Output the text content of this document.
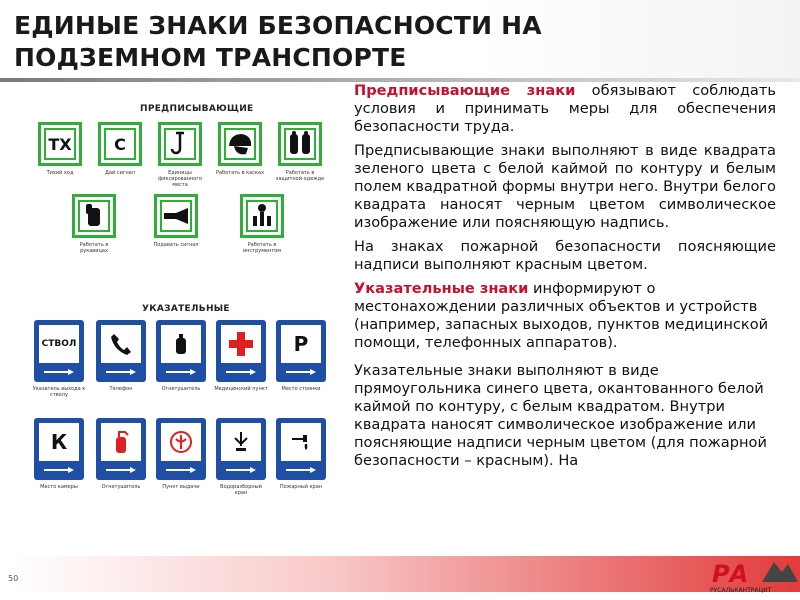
ЕДИНЫЕ ЗНАКИ БЕЗОПАСНОСТИ НА ПОДЗЕМНОМ ТРАНСПОРТЕ
ПРЕДПИСЫВАЮЩИЕ
ТХ
Тихий ход
С
Дай сигнал	Единицы фиксированного места
Работать в касках	Работать в защитной одежде
Работать в рукавицах
Подавать сигнал	Работать в инструментом
УКАЗАТЕЛЬНЫЕ
СТВОЛ
Указатель выхода к стволу
Телефон	Огнетушитель	Медицинский пункт
P
Место стоянки
К
Место камеры	Огнетушитель	Пункт выдачи	Водоразборный кран
Пожарный кран

Предписывающие знаки обязывают соблюдать условия и принимать меры для обеспечения безопасности труда.

Предписывающие знаки выполняют в виде квадрата зеленого цвета с белой каймой по контуру и белым полем квадратной формы внутри него. Внутри белого квадрата наносят черным цветом символическое изображение или поясняющую надпись.

На знаках пожарной безопасности поясняющие надписи выполняют красным цветом.

Указательные знаки информируют о местонахождении различных объектов и устройств (например, запасных выходов, пунктов медицинской помощи, телефонных аппаратов).

Указательные знаки выполняют в виде прямоугольника синего цвета, окантованного белой каймой по контуру, с белым квадратом. Внутри квадрата наносят символическое изображение или поясняющие надписи черным цветом (для пожарной безопасности – красным). На

50	РА
РУСАЛЬКАНТРАЦИТ
